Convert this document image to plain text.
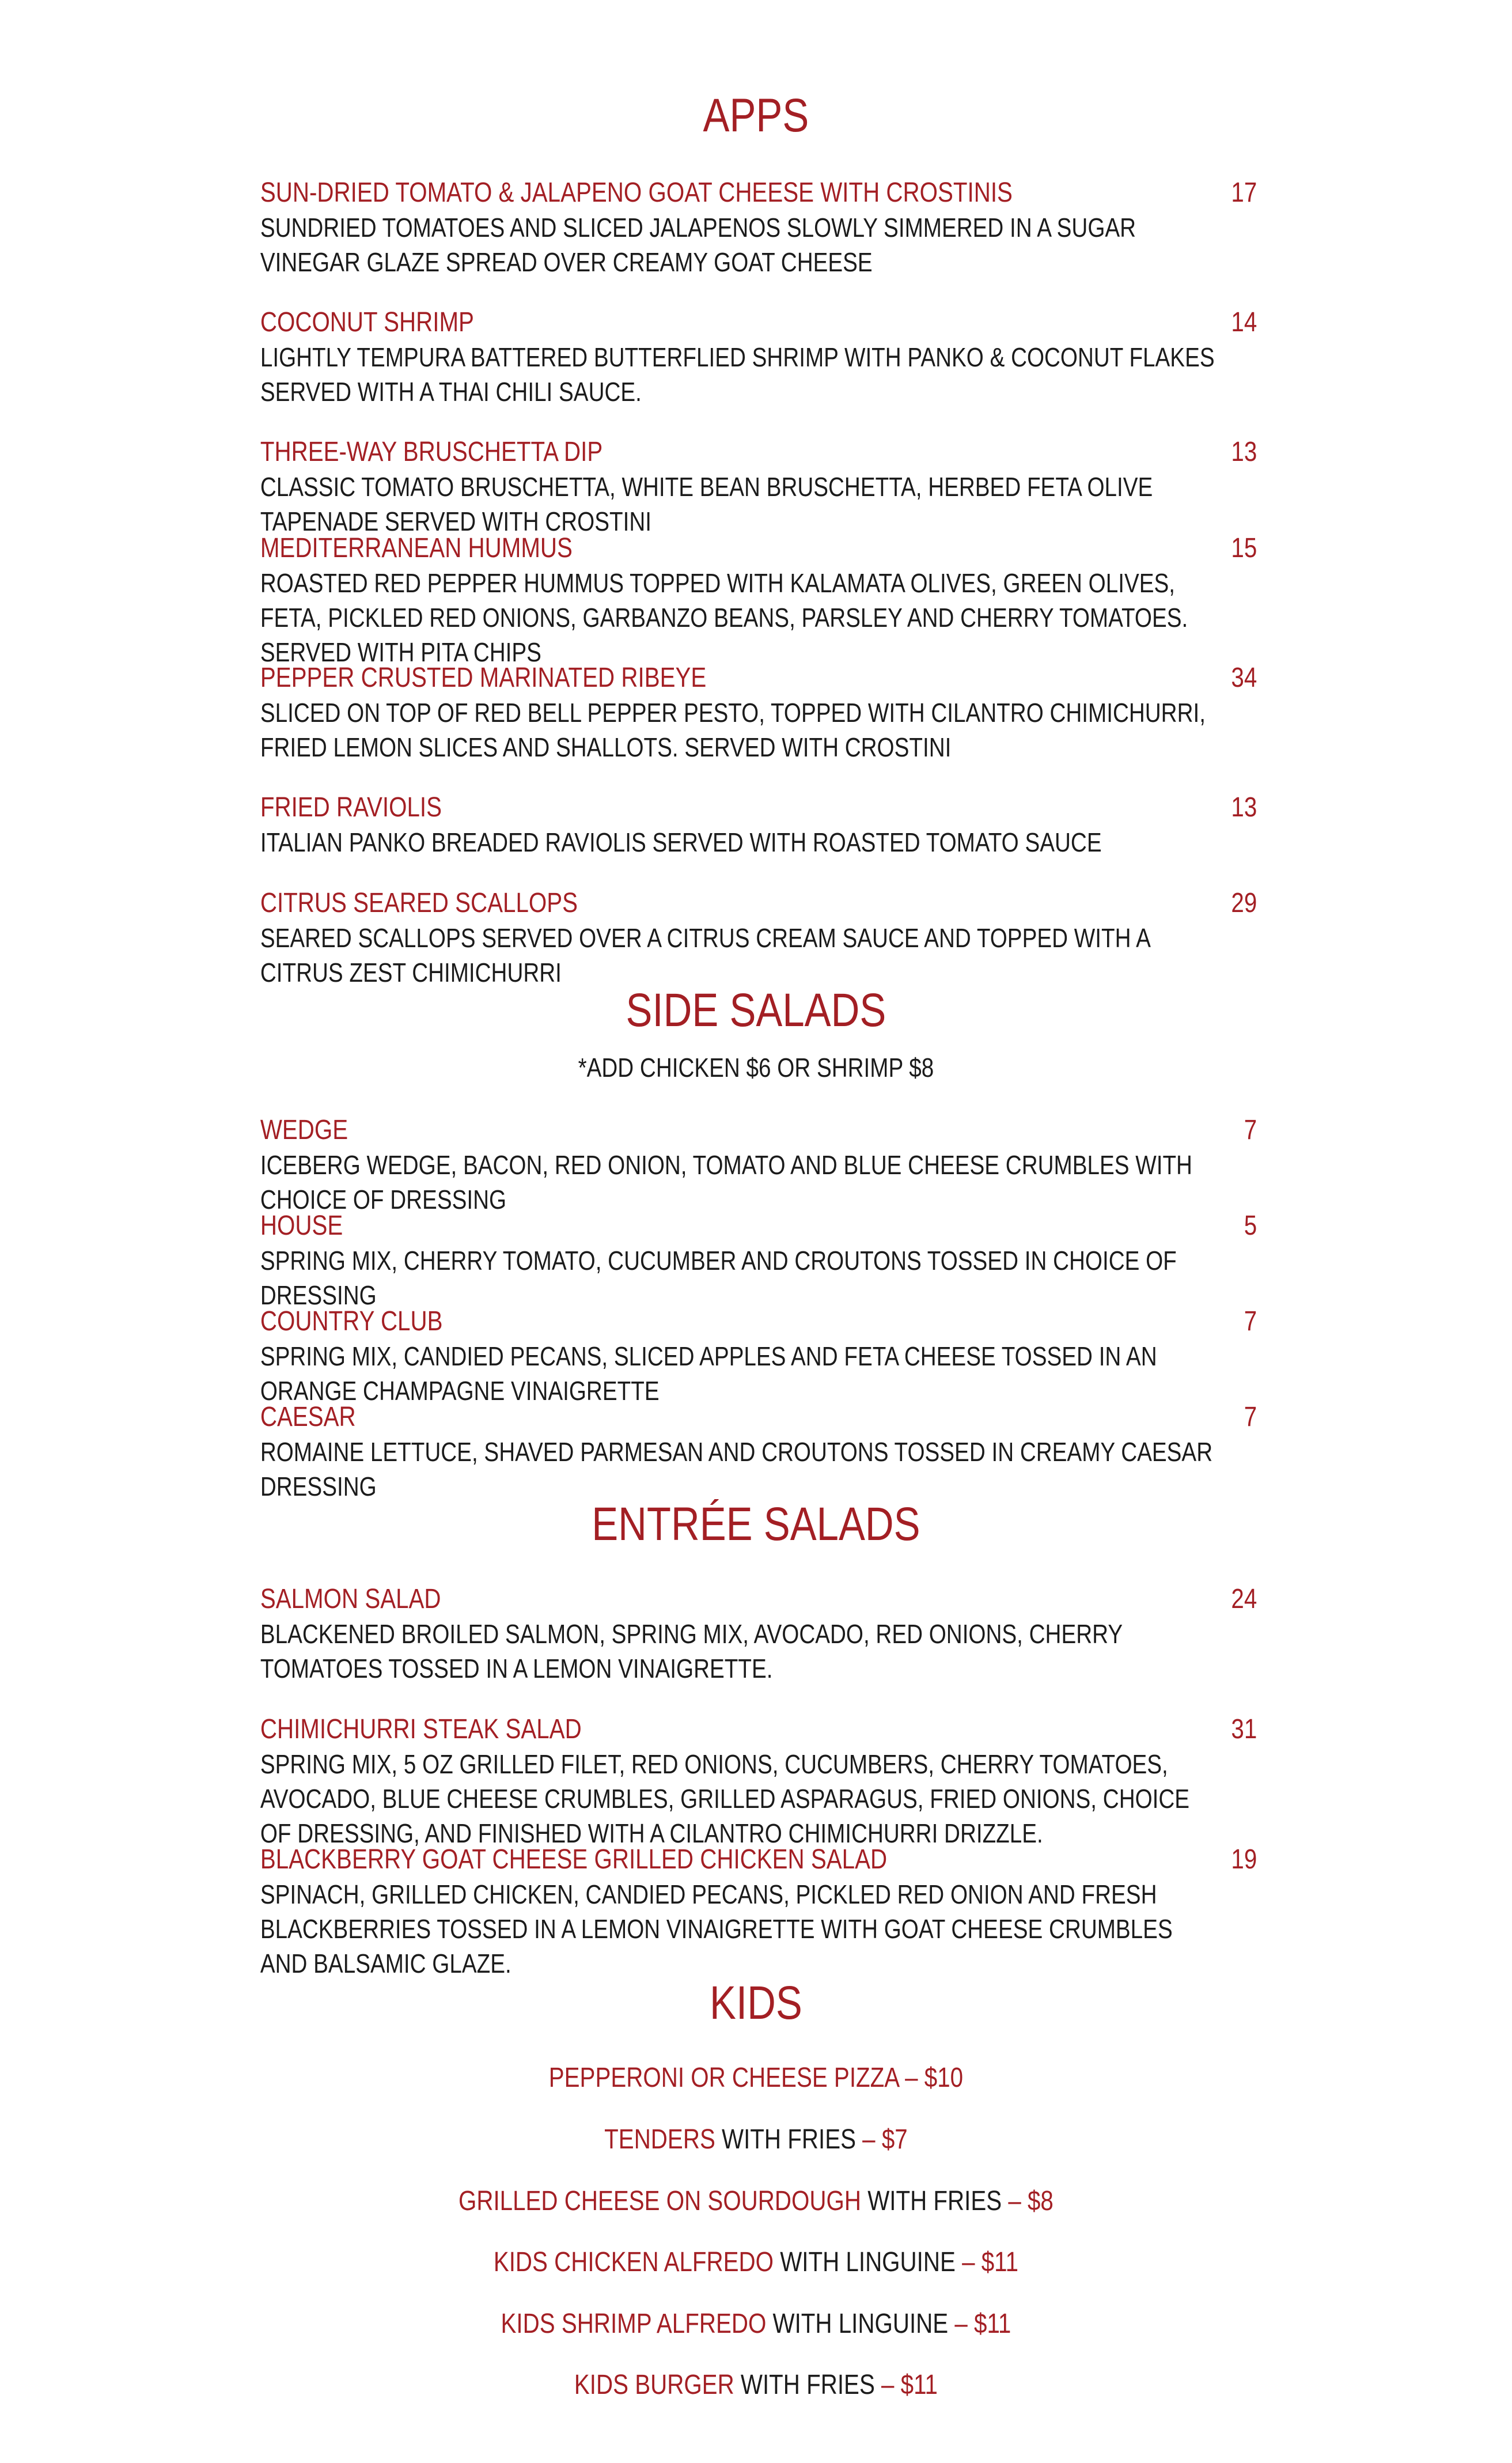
APPS
SUN-DRIED TOMATO & JALAPENO GOAT CHEESE WITH CROSTINIS	17
SUNDRIED TOMATOES AND SLICED JALAPENOS SLOWLY SIMMERED IN A SUGAR VINEGAR GLAZE SPREAD OVER CREAMY GOAT CHEESE
COCONUT SHRIMP	14
LIGHTLY TEMPURA BATTERED BUTTERFLIED SHRIMP WITH PANKO & COCONUT FLAKES SERVED WITH A THAI CHILI SAUCE.
THREE-WAY BRUSCHETTA DIP	13
CLASSIC TOMATO BRUSCHETTA, WHITE BEAN BRUSCHETTA, HERBED FETA OLIVE TAPENADE SERVED WITH CROSTINI
MEDITERRANEAN HUMMUS	15
ROASTED RED PEPPER HUMMUS TOPPED WITH KALAMATA OLIVES, GREEN OLIVES, FETA, PICKLED RED ONIONS, GARBANZO BEANS, PARSLEY AND CHERRY TOMATOES. SERVED WITH PITA CHIPS
PEPPER CRUSTED MARINATED RIBEYE	34
SLICED ON TOP OF RED BELL PEPPER PESTO, TOPPED WITH CILANTRO CHIMICHURRI, FRIED LEMON SLICES AND SHALLOTS. SERVED WITH CROSTINI
FRIED RAVIOLIS	13
ITALIAN PANKO BREADED RAVIOLIS SERVED WITH ROASTED TOMATO SAUCE
CITRUS SEARED SCALLOPS	29
SEARED SCALLOPS SERVED OVER A CITRUS CREAM SAUCE AND TOPPED WITH A CITRUS ZEST CHIMICHURRI
SIDE SALADS
*ADD CHICKEN $6 OR SHRIMP $8
WEDGE	7
ICEBERG WEDGE, BACON, RED ONION, TOMATO AND BLUE CHEESE CRUMBLES WITH CHOICE OF DRESSING
HOUSE	5
SPRING MIX, CHERRY TOMATO, CUCUMBER AND CROUTONS TOSSED IN CHOICE OF DRESSING
COUNTRY CLUB	7
SPRING MIX, CANDIED PECANS, SLICED APPLES AND FETA CHEESE TOSSED IN AN ORANGE CHAMPAGNE VINAIGRETTE
CAESAR	7
ROMAINE LETTUCE, SHAVED PARMESAN AND CROUTONS TOSSED IN CREAMY CAESAR DRESSING
ENTRÉE SALADS
SALMON SALAD	24
BLACKENED BROILED SALMON, SPRING MIX, AVOCADO, RED ONIONS, CHERRY TOMATOES TOSSED IN A LEMON VINAIGRETTE.
CHIMICHURRI STEAK SALAD	31
SPRING MIX, 5 OZ GRILLED FILET, RED ONIONS, CUCUMBERS, CHERRY TOMATOES, AVOCADO, BLUE CHEESE CRUMBLES, GRILLED ASPARAGUS, FRIED ONIONS, CHOICE OF DRESSING, AND FINISHED WITH A CILANTRO CHIMICHURRI DRIZZLE.
BLACKBERRY GOAT CHEESE GRILLED CHICKEN SALAD	19
SPINACH, GRILLED CHICKEN, CANDIED PECANS, PICKLED RED ONION AND FRESH BLACKBERRIES TOSSED IN A LEMON VINAIGRETTE WITH GOAT CHEESE CRUMBLES AND BALSAMIC GLAZE.
KIDS
PEPPERONI OR CHEESE PIZZA – $10
TENDERS WITH FRIES – $7
GRILLED CHEESE ON SOURDOUGH WITH FRIES – $8
KIDS CHICKEN ALFREDO WITH LINGUINE – $11
KIDS SHRIMP ALFREDO WITH LINGUINE – $11
KIDS BURGER WITH FRIES – $11
